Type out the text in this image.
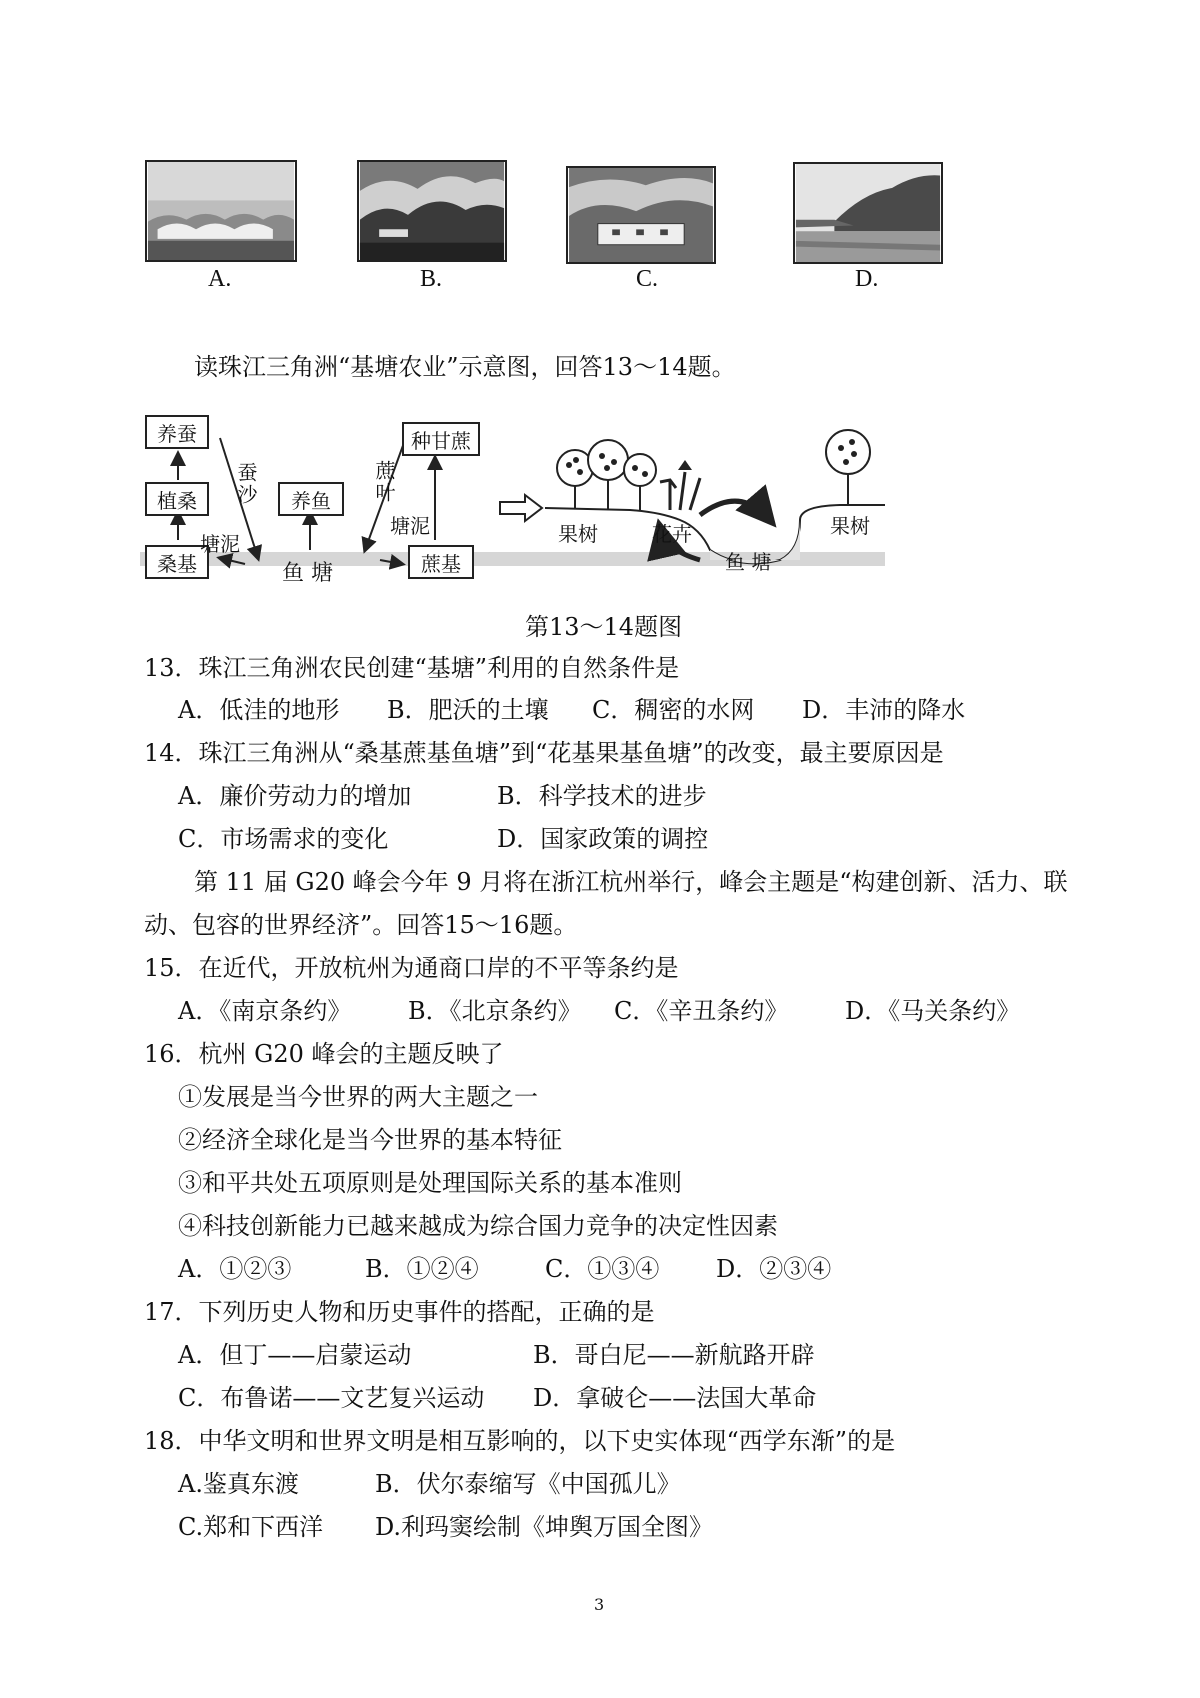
A.	B.	C.	D.
读珠江三角洲“基塘农业”示意图，回答13～14题。
养蚕
植桑
桑基
养鱼
种甘蔗
蔗基
蚕沙
塘泥
鱼 塘
蔗叶
塘泥	果树	花卉
鱼 塘
果树
第13～14题图
13．珠江三角洲农民创建“基塘”利用的自然条件是
A．低洼的地形 B．肥沃的土壤 C．稠密的水网 D．丰沛的降水
14．珠江三角洲从“桑基蔗基鱼塘”到“花基果基鱼塘”的改变，最主要原因是
A．廉价劳动力的增加	B．科学技术的进步
C．市场需求的变化	D．国家政策的调控
第 11 届 G20 峰会今年 9 月将在浙江杭州举行，峰会主题是“构建创新、活力、联
动、包容的世界经济”。回答15～16题。
15．在近代，开放杭州为通商口岸的不平等条约是
A．《南京条约》 B．《北京条约》 C．《辛丑条约》 D．《马关条约》
16．杭州 G20 峰会的主题反映了
①发展是当今世界的两大主题之一
②经济全球化是当今世界的基本特征
③和平共处五项原则是处理国际关系的基本准则
④科技创新能力已越来越成为综合国力竞争的决定性因素
A．①②③	B．①②④	C．①③④ D．②③④
17．下列历史人物和历史事件的搭配，正确的是
A．但丁——启蒙运动	B．哥白尼——新航路开辟
C．布鲁诺——文艺复兴运动 D．拿破仑——法国大革命
18．中华文明和世界文明是相互影响的，以下史实体现“西学东渐”的是
A.鉴真东渡	B．伏尔泰缩写《中国孤儿》
C.郑和下西洋 D.利玛窦绘制《坤舆万国全图》
3
